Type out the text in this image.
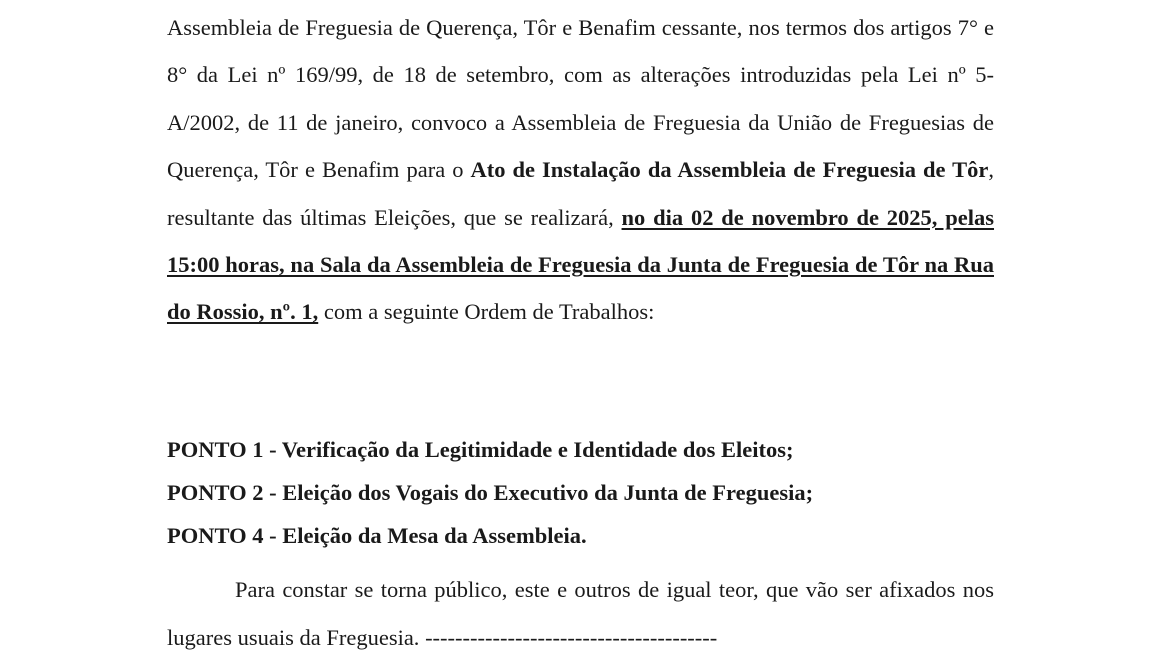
Assembleia de Freguesia de Querença, Tôr e Benafim cessante, nos termos dos artigos 7° e 8° da Lei nº 169/99, de 18 de setembro, com as alterações introduzidas pela Lei nº 5-A/2002, de 11 de janeiro, convoco a Assembleia de Freguesia da União de Freguesias de Querença, Tôr e Benafim para o Ato de Instalação da Assembleia de Freguesia de Tôr, resultante das últimas Eleições, que se realizará, no dia 02 de novembro de 2025, pelas 15:00 horas, na Sala da Assembleia de Freguesia da Junta de Freguesia de Tôr na Rua do Rossio, nº. 1, com a seguinte Ordem de Trabalhos:
PONTO 1 - Verificação da Legitimidade e Identidade dos Eleitos;
PONTO 2 - Eleição dos Vogais do Executivo da Junta de Freguesia;
PONTO 4 - Eleição da Mesa da Assembleia.
Para constar se torna público, este e outros de igual teor, que vão ser afixados nos lugares usuais da Freguesia. ---------------------------------------
